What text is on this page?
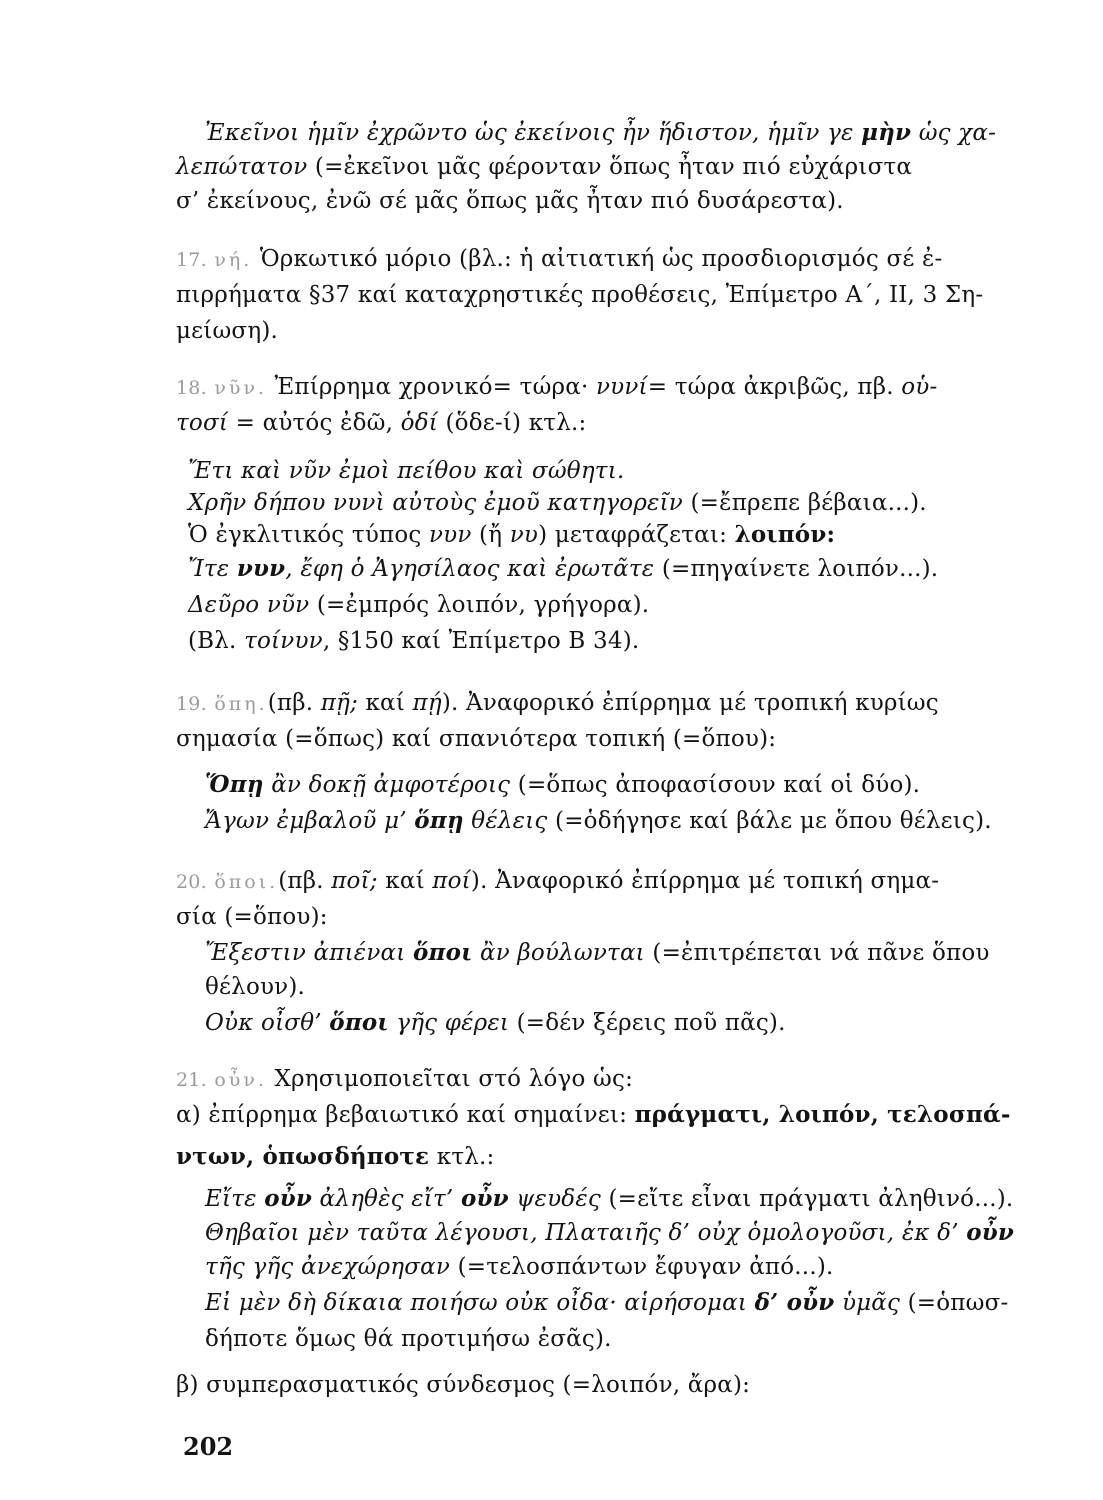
Ἐκεῖνοι ἡμῖν ἐχρῶντο ὡς ἐκείνοις ἦν ἥδιστον, ἡμῖν γε μὴν ὡς χα-
λεπώτατον (=ἐκεῖνοι μᾶς φέρονταν ὅπως ἦταν πιό εὐχάριστα
σ’ ἐκείνους, ἐνῶ σέ μᾶς ὅπως μᾶς ἦταν πιό δυσάρεστα).
17. νή. Ὁρκωτικό μόριο (βλ.: ἡ αἰτιατική ὡς προσδιορισμός σέ ἐ-
πιρρήματα §37 καί καταχρηστικές προθέσεις, Ἐπίμετρο Α΄, ΙΙ, 3 Ση-
μείωση).
18. νῦν. Ἐπίρρημα χρονικό= τώρα· νυνί= τώρα ἀκριβῶς, πβ. οὑ-
τοσί = αὐτός ἐδῶ, ὁδί (ὅδε-ί) κτλ.:
Ἔτι καὶ νῦν ἐμοὶ πείθου καὶ σώθητι.
Χρῆν δήπου νυνὶ αὐτοὺς ἐμοῦ κατηγορεῖν (=ἔπρεπε βέβαια...).
Ὁ ἐγκλιτικός τύπος νυν (ἤ νυ) μεταφράζεται: λοιπόν:
Ἴτε νυν, ἔφη ὁ Ἀγησίλαος καὶ ἐρωτᾶτε (=πηγαίνετε λοιπόν...).
Δεῦρο νῦν (=ἐμπρός λοιπόν, γρήγορα).
(Βλ. τοίνυν, §150 καί Ἐπίμετρο Β 34).
19. ὅπη.(πβ. πῇ; καί πῄ). Ἀναφορικό ἐπίρρημα μέ τροπική κυρίως
σημασία (=ὅπως) καί σπανιότερα τοπική (=ὅπου):
Ὅπῃ ἂν δοκῇ ἀμφοτέροις (=ὅπως ἀποφασίσουν καί οἱ δύο).
Ἄγων ἐμβαλοῦ μ’ ὅπῃ θέλεις (=ὁδήγησε καί βάλε με ὅπου θέλεις).
20. ὅποι.(πβ. ποῖ; καί ποί). Ἀναφορικό ἐπίρρημα μέ τοπική σημα-
σία (=ὅπου):
Ἔξεστιν ἀπιέναι ὅποι ἂν βούλωνται (=ἐπιτρέπεται νά πᾶνε ὅπου
θέλουν).
Οὐκ οἶσθ’ ὅποι γῆς φέρει (=δέν ξέρεις ποῦ πᾶς).
21. οὖν. Χρησιμοποιεῖται στό λόγο ὡς:
α) ἐπίρρημα βεβαιωτικό καί σημαίνει: πράγματι, λοιπόν, τελοσπά-
ντων, ὁπωσδήποτε κτλ.:
Εἴτε οὖν ἀληθὲς εἴτ’ οὖν ψευδές (=εἴτε εἶναι πράγματι ἀληθινό...).
Θηβαῖοι μὲν ταῦτα λέγουσι, Πλαταιῆς δ’ οὐχ ὁμολογοῦσι, ἐκ δ’ οὖν
τῆς γῆς ἀνεχώρησαν (=τελοσπάντων ἔφυγαν ἀπό...).
Εἰ μὲν δὴ δίκαια ποιήσω οὐκ οἶδα· αἱρήσομαι δ’ οὖν ὑμᾶς (=ὁπωσ-
δήποτε ὅμως θά προτιμήσω ἐσᾶς).
β) συμπερασματικός σύνδεσμος (=λοιπόν, ἄρα):
202
